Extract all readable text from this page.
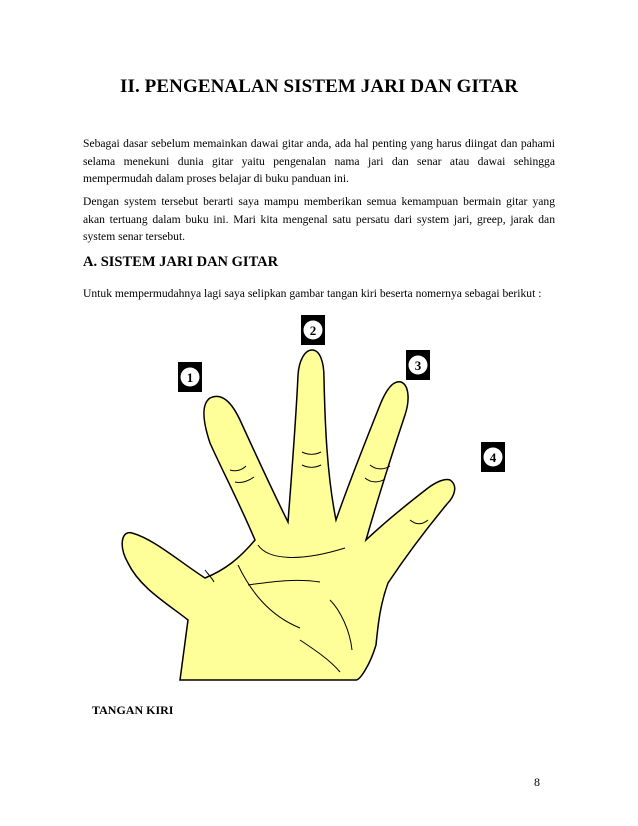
II. PENGENALAN SISTEM JARI DAN GITAR

Sebagai dasar sebelum memainkan dawai gitar anda, ada hal penting yang harus diingat dan pahami selama menekuni dunia gitar yaitu pengenalan nama jari dan senar atau dawai sehingga mempermudah dalam proses belajar di buku panduan ini.

Dengan system tersebut berarti saya mampu memberikan semua kemampuan bermain gitar yang akan tertuang dalam buku ini. Mari kita mengenal satu persatu dari system jari, greep, jarak dan system senar tersebut.

A. SISTEM JARI DAN GITAR

Untuk mempermudahnya lagi saya selipkan gambar tangan kiri beserta nomernya sebagai berikut :

1
2
3
4

TANGAN KIRI

8
